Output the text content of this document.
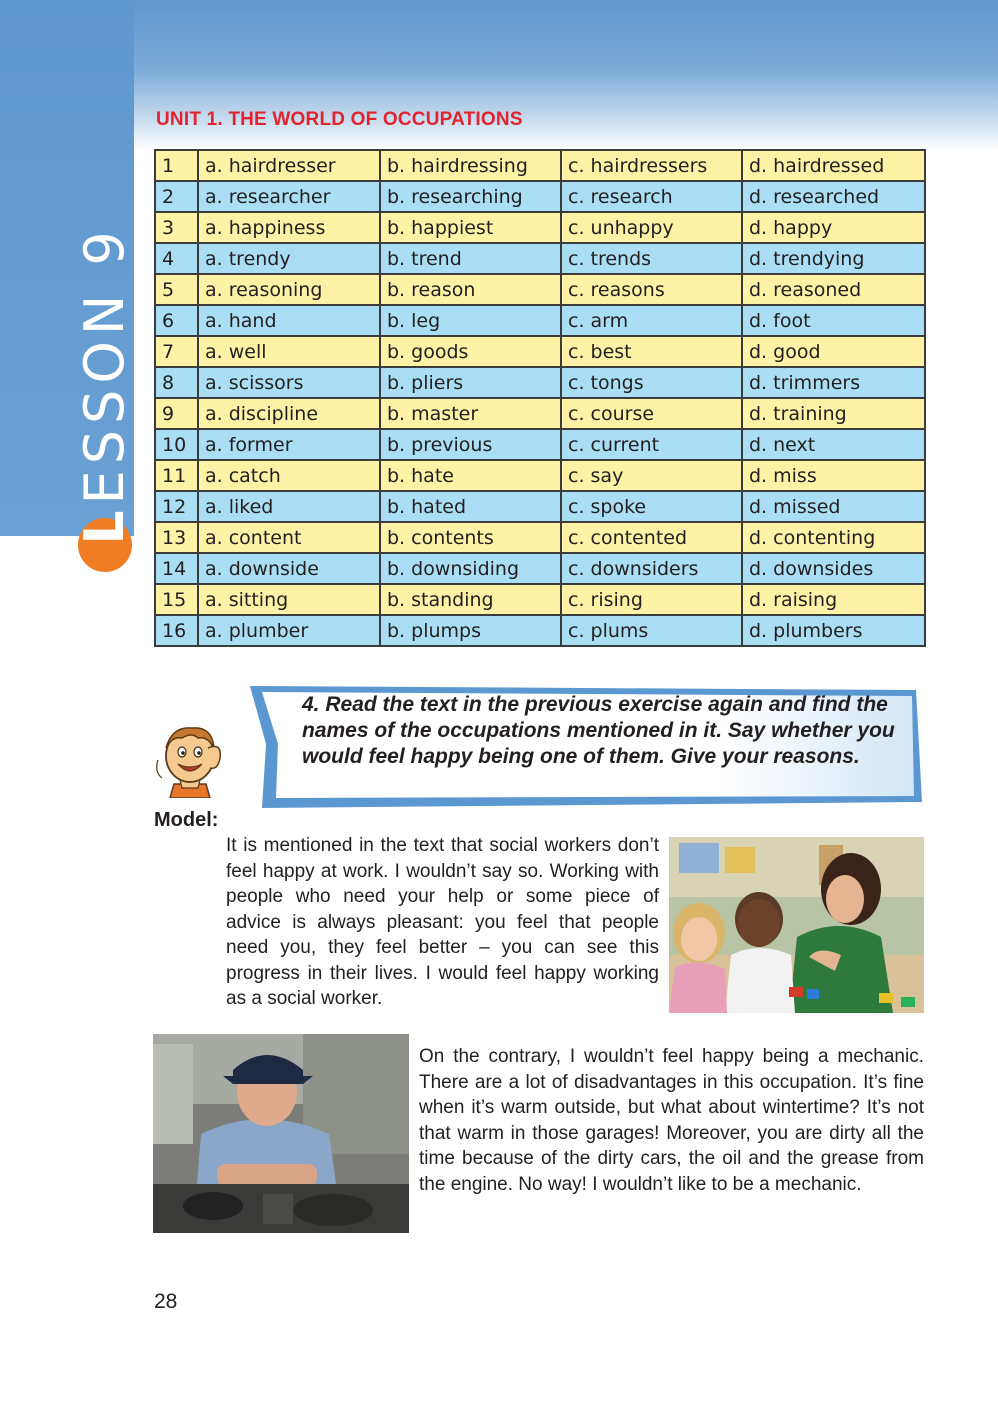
LESSON 9
UNIT 1. THE WORLD OF OCCUPATIONS
1	a. hairdresser	b. hairdressing	c. hairdressers	d. hairdressed
2	a. researcher	b. researching	c. research	d. researched
3	a. happiness	b. happiest	c. unhappy	d. happy
4	a. trendy	b. trend	c. trends	d. trendying
5	a. reasoning	b. reason	c. reasons	d. reasoned
6	a. hand	b. leg	c. arm	d. foot
7	a. well	b. goods	c. best	d. good
8	a. scissors	b. pliers	c. tongs	d. trimmers
9	a. discipline	b. master	c. course	d. training
10	a. former	b. previous	c. current	d. next
11	a. catch	b. hate	c. say	d. miss
12	a. liked	b. hated	c. spoke	d. missed
13	a. content	b. contents	c. contented	d. contenting
14	a. downside	b. downsiding	c. downsiders	d. downsides
15	a. sitting	b. standing	c. rising	d. raising
16	a. plumber	b. plumps	c. plums	d. plumbers
4. Read the text in the previous exercise again and find the names of the occupations mentioned in it. Say whether you would feel happy being one of them. Give your reasons.
Model:
It is mentioned in the text that social workers don’t feel happy at work. I wouldn’t say so. Working with people who need your help or some piece of advice is always pleasant: you feel that people need you, they feel better – you can see this progress in their lives. I would feel happy working as a social worker.
On the contrary, I wouldn’t feel happy being a mechanic. There are a lot of disadvantages in this occupation. It’s fine when it’s warm outside, but what about wintertime? It’s not that warm in those garages! Moreover, you are dirty all the time because of the dirty cars, the oil and the grease from the engine. No way! I wouldn’t like to be a mechanic.
28
